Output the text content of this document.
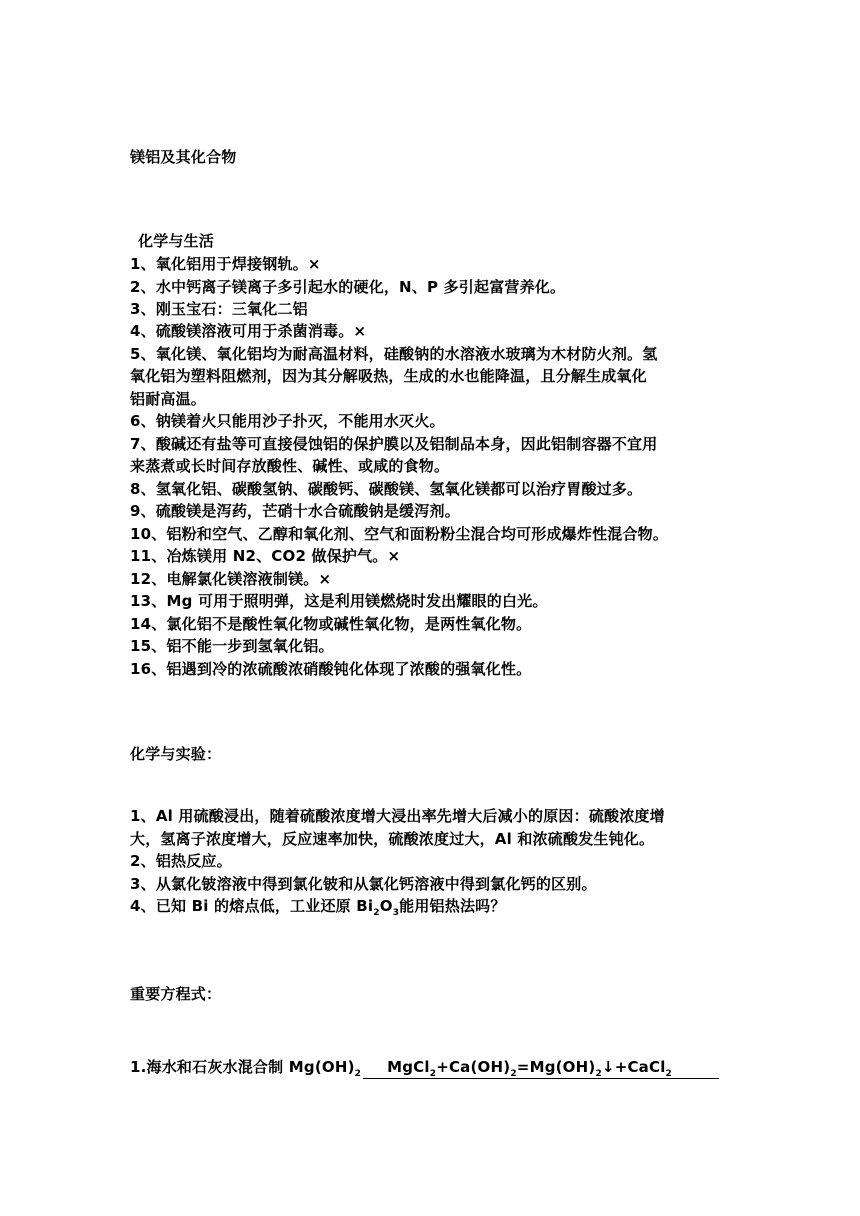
镁铝及其化合物
化学与生活
1、氧化铝用于焊接钢轨。×
2、水中钙离子镁离子多引起水的硬化，N、P 多引起富营养化。
3、刚玉宝石：三氧化二铝
4、硫酸镁溶液可用于杀菌消毒。×
5、氧化镁、氧化铝均为耐高温材料，硅酸钠的水溶液水玻璃为木材防火剂。氢
氧化铝为塑料阻燃剂，因为其分解吸热，生成的水也能降温，且分解生成氧化
铝耐高温。
6、钠镁着火只能用沙子扑灭，不能用水灭火。
7、酸碱还有盐等可直接侵蚀铝的保护膜以及铝制品本身，因此铝制容器不宜用
来蒸煮或长时间存放酸性、碱性、或咸的食物。
8、氢氧化铝、碳酸氢钠、碳酸钙、碳酸镁、氢氧化镁都可以治疗胃酸过多。
9、硫酸镁是泻药，芒硝十水合硫酸钠是缓泻剂。
10、铝粉和空气、乙醇和氧化剂、空气和面粉粉尘混合均可形成爆炸性混合物。
11、冶炼镁用 N2、CO2 做保护气。×
12、电解氯化镁溶液制镁。×
13、Mg 可用于照明弹，这是利用镁燃烧时发出耀眼的白光。
14、氯化铝不是酸性氧化物或碱性氧化物，是两性氧化物。
15、铝不能一步到氢氧化铝。
16、铝遇到冷的浓硫酸浓硝酸钝化体现了浓酸的强氧化性。
化学与实验：
1、Al 用硫酸浸出，随着硫酸浓度增大浸出率先增大后减小的原因：硫酸浓度增
大，氢离子浓度增大，反应速率加快，硫酸浓度过大，Al 和浓硫酸发生钝化。
2、铝热反应。
3、从氯化铍溶液中得到氯化铍和从氯化钙溶液中得到氯化钙的区别。
4、已知 Bi 的熔点低，工业还原 $Bi_2O_3$能用铝热法吗？
重要方程式：
1.海水和石灰水混合制 $Mg(OH)_2$ $MgCl_2+Ca(OH)_2=Mg(OH)_2↓+CaCl_2$
